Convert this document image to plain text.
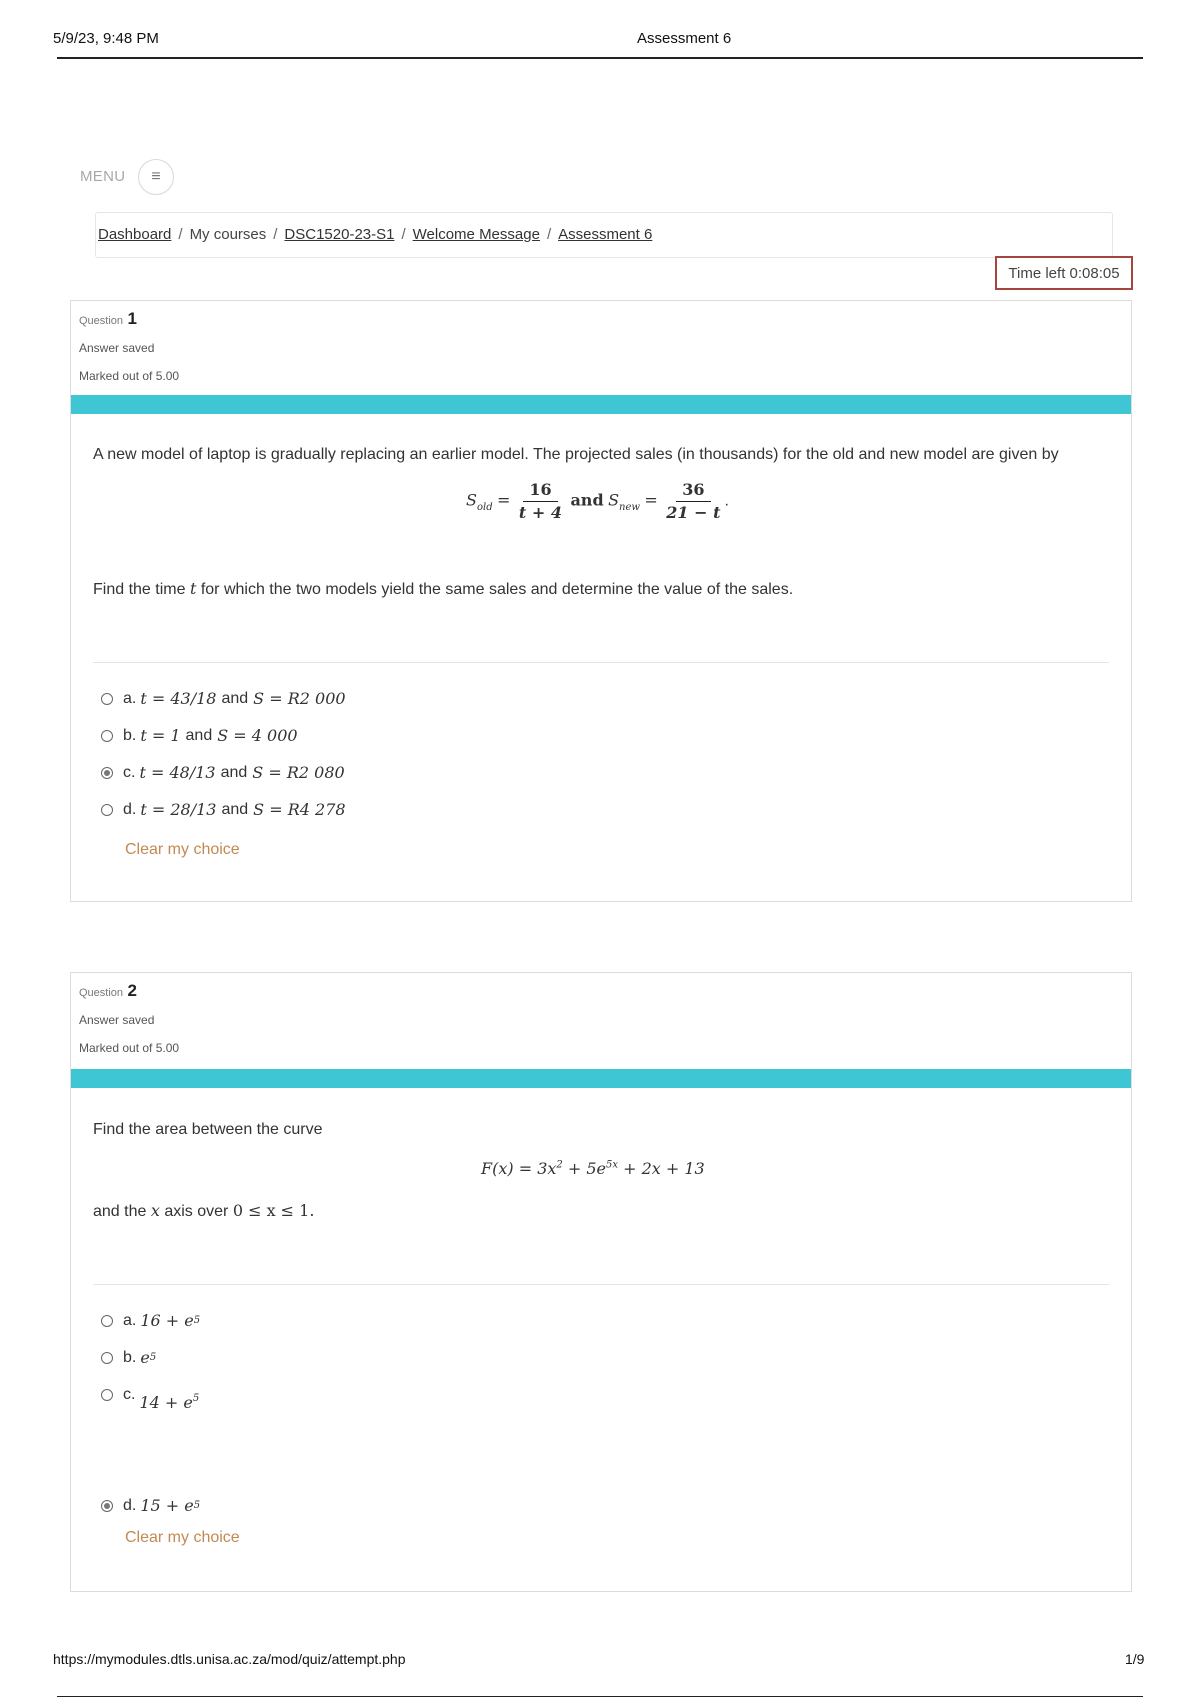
5/9/23, 9:48 PM	Assessment 6
MENU ≡
Dashboard / My courses / DSC1520-23-S1 / Welcome Message / Assessment 6
Time left 0:08:05
Question 1
Answer saved
Marked out of 5.00
A new model of laptop is gradually replacing an earlier model. The projected sales (in thousands) for the old and new model are given by
$S_{old} = \frac{16}{t + 4}$ and $S_{new} = \frac{36}{21 - t}$ .
Find the time t for which the two models yield the same sales and determine the value of the sales.
a. t = 43/18 and S = R2 000
b. t = 1 and S = 4 000
c. t = 48/13 and S = R2 080
d. t = 28/13 and S = R4 278
Clear my choice
Question 2
Answer saved
Marked out of 5.00
Find the area between the curve
$F(x) = 3x^2 + 5e^{5x} + 2x + 13$
and the x axis over 0 ≤ x ≤ 1.
a. 16 + e 5
b. e 5
c. $14 + e^5$
d. 15 + e 5
Clear my choice
https://mymodules.dtls.unisa.ac.za/mod/quiz/attempt.php	1/9
